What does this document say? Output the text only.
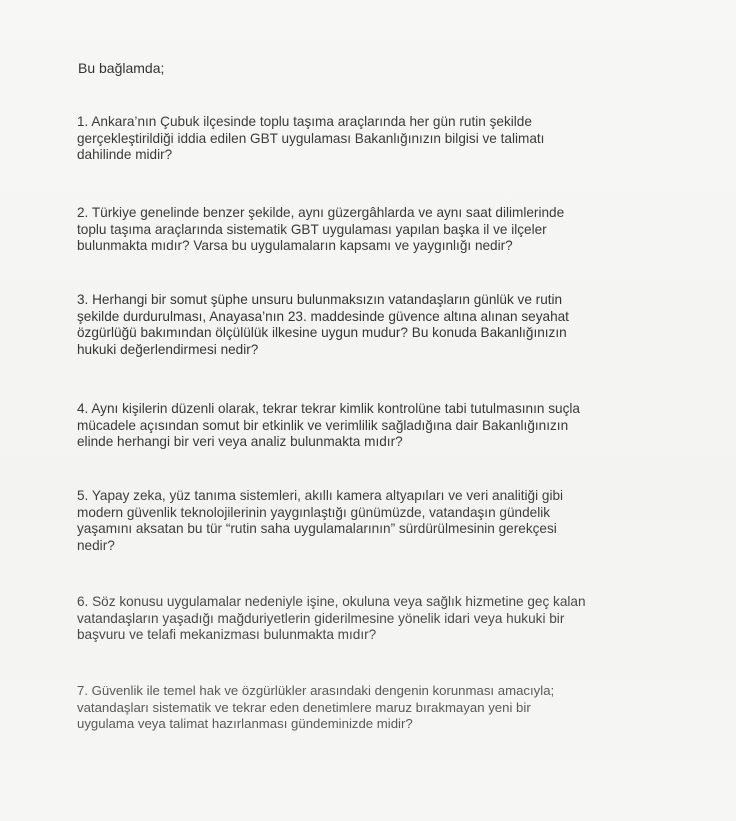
Bu bağlamda;
1. Ankara’nın Çubuk ilçesinde toplu taşıma araçlarında her gün rutin şekilde
gerçekleştirildiği iddia edilen GBT uygulaması Bakanlığınızın bilgisi ve talimatı
dahilinde midir?
2. Türkiye genelinde benzer şekilde, aynı güzergâhlarda ve aynı saat dilimlerinde
toplu taşıma araçlarında sistematik GBT uygulaması yapılan başka il ve ilçeler
bulunmakta mıdır? Varsa bu uygulamaların kapsamı ve yaygınlığı nedir?
3. Herhangi bir somut şüphe unsuru bulunmaksızın vatandaşların günlük ve rutin
şekilde durdurulması, Anayasa’nın 23. maddesinde güvence altına alınan seyahat
özgürlüğü bakımından ölçülülük ilkesine uygun mudur? Bu konuda Bakanlığınızın
hukuki değerlendirmesi nedir?
4. Aynı kişilerin düzenli olarak, tekrar tekrar kimlik kontrolüne tabi tutulmasının suçla
mücadele açısından somut bir etkinlik ve verimlilik sağladığına dair Bakanlığınızın
elinde herhangi bir veri veya analiz bulunmakta mıdır?
5. Yapay zeka, yüz tanıma sistemleri, akıllı kamera altyapıları ve veri analitiği gibi
modern güvenlik teknolojilerinin yaygınlaştığı günümüzde, vatandaşın gündelik
yaşamını aksatan bu tür “rutin saha uygulamalarının” sürdürülmesinin gerekçesi
nedir?
6. Söz konusu uygulamalar nedeniyle işine, okuluna veya sağlık hizmetine geç kalan
vatandaşların yaşadığı mağduriyetlerin giderilmesine yönelik idari veya hukuki bir
başvuru ve telafi mekanizması bulunmakta mıdır?
7. Güvenlik ile temel hak ve özgürlükler arasındaki dengenin korunması amacıyla;
vatandaşları sistematik ve tekrar eden denetimlere maruz bırakmayan yeni bir
uygulama veya talimat hazırlanması gündeminizde midir?
